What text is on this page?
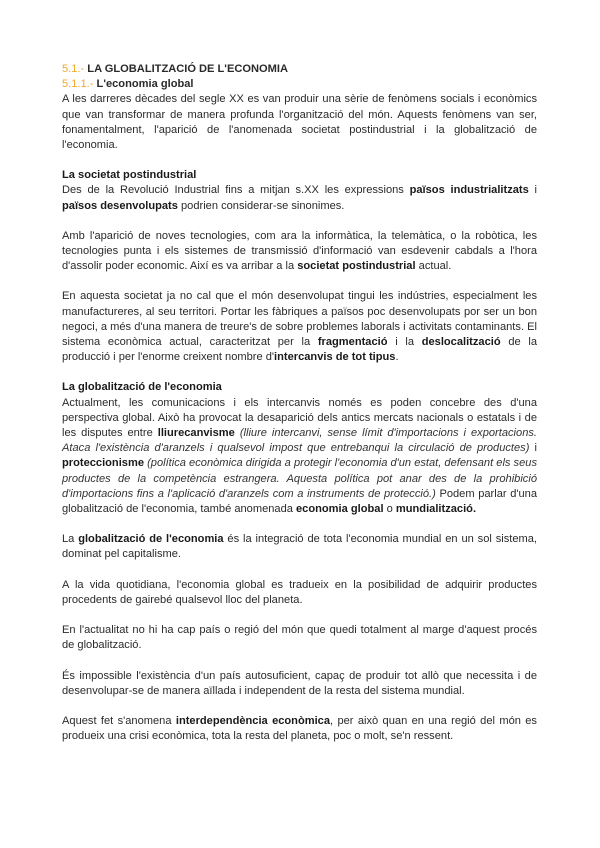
5.1.- LA GLOBALITZACIÓ DE L'ECONOMIA
5.1.1.- L'economia global

A les darreres dècades del segle XX es van produir una sèrie de fenòmens socials i econòmics que van transformar de manera profunda l'organització del món. Aquests fenòmens van ser, fonamentalment, l'aparició de l'anomenada societat postindustrial i la globalització de l'economia.

La societat postindustrial

Des de la Revolució Industrial fins a mitjan s.XX les expressions països industrialitzats i països desenvolupats podrien considerar-se sinonimes.

Amb l'aparició de noves tecnologies, com ara la informàtica, la telemàtica, o la robòtica, les tecnologies punta i els sistemes de transmissió d'informació van esdevenir cabdals a l'hora d'assolir poder economic. Així es va arribar a la societat postindustrial actual.

En aquesta societat ja no cal que el món desenvolupat tingui les indústries, especialment les manufactureres, al seu territori. Portar les fàbriques a països poc desenvolupats por ser un bon negoci, a més d'una manera de treure's de sobre problemes laborals i activitats contaminants. El sistema econòmica actual, caracteritzat per la fragmentació i la deslocalització de la producció i per l'enorme creixent nombre d'intercanvis de tot tipus.

La globalització de l'economia

Actualment, les comunicacions i els intercanvis només es poden concebre des d'una perspectiva global. Això ha provocat la desaparició dels antics mercats nacionals o estatals i de les disputes entre lliurecanvisme (lliure intercanvi, sense límit d'importacions i exportacions. Ataca l'existència d'aranzels i qualsevol impost que entrebanqui la circulació de productes) i proteccionisme (política econòmica dirigida a protegir l'economia d'un estat, defensant els seus productes de la competència estrangera. Aquesta política pot anar des de la prohibició d'importacions fins a l'aplicació d'aranzels com a instruments de protecció.) Podem parlar d'una globalització de l'economia, també anomenada economia global o mundialització.

La globalització de l'economia és la integració de tota l'economia mundial en un sol sistema, dominat pel capitalisme.

A la vida quotidiana, l'economia global es tradueix en la posibilidad de adquirir productes procedents de gairebé qualsevol lloc del planeta.

En l'actualitat no hi ha cap país o regió del món que quedi totalment al marge d'aquest procés de globalització.

És impossible l'existència d'un país autosuficient, capaç de produir tot allò que necessita i de desenvolupar-se de manera aïllada i independent de la resta del sistema mundial.

Aquest fet s'anomena interdependència econòmica, per això quan en una regió del món es produeix una crisi econòmica, tota la resta del planeta, poc o molt, se'n ressent.
